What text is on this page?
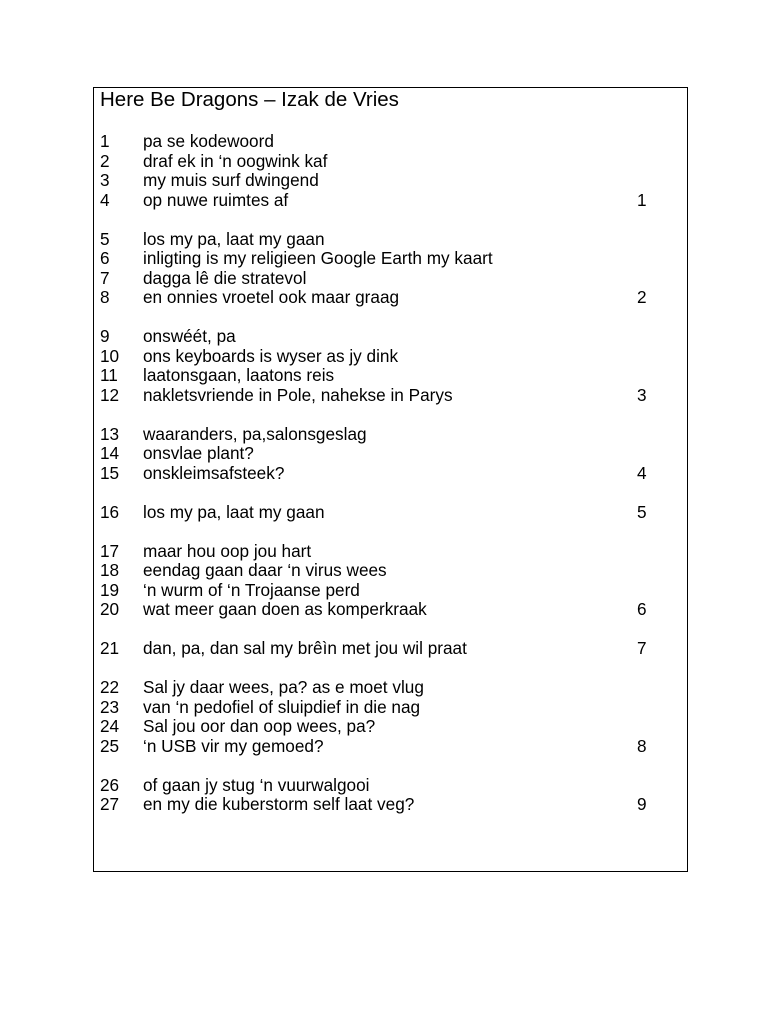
Here Be Dragons – Izak de Vries
1 pa se kodewoord
2 draf ek in ‘n oogwink kaf
3 my muis surf dwingend
4 op nuwe ruimtes af	1
5 los my pa, laat my gaan
6 inligting is my religieen Google Earth my kaart
7 dagga lê die stratevol
8 en onnies vroetel ook maar graag	2
9 onswéét, pa
10 ons keyboards is wyser as jy dink
11 laatonsgaan, laatons reis
12 nakletsvriende in Pole, nahekse in Parys	3
13 waaranders, pa,salonsgeslag
14 onsvlae plant?
15 onskleimsafsteek?	4
16 los my pa, laat my gaan	5
17 maar hou oop jou hart
18 eendag gaan daar ‘n virus wees
19 ‘n wurm of ‘n Trojaanse perd
20 wat meer gaan doen as komperkraak	6
21 dan, pa, dan sal my brêìn met jou wil praat	7
22 Sal jy daar wees, pa? as e moet vlug
23 van ‘n pedofiel of sluipdief in die nag
24 Sal jou oor dan oop wees, pa?
25 ‘n USB vir my gemoed?	8
26 of gaan jy stug ‘n vuurwalgooi
27 en my die kuberstorm self laat veg?	9
